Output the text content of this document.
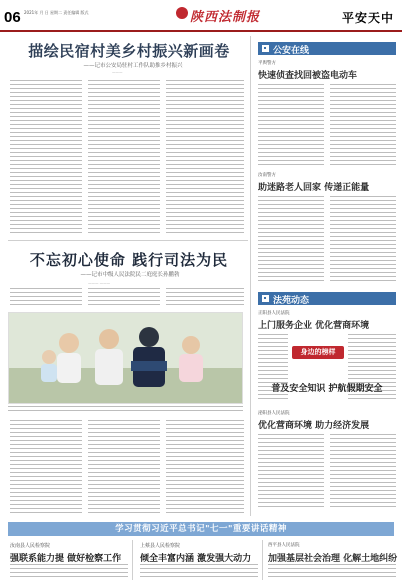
06 2021年 月 日 星期二 责任编辑 版式	陕西法制报	平安天中
描绘民宿村美乡村振兴新画卷
——记市公安局驻村工作队助推乡村振兴
———
不忘初心使命 践行司法为民
——记市中级人民法院民二庭庭长孙鹏勃
——— ———
公安在线
平舆警方
快速侦查找回被盗电动车
汝南警方
助迷路老人回家 传递正能量
法苑动态
正阳县人民法院
上门服务企业 优化营商环境
身边的榜样
普及安全知识 护航假期安全
泌阳县人民法院
优化营商环境 助力经济发展
学习贯彻习近平总书记"七一"重要讲话精神
汝南县人民检察院
强联系能力提 做好检察工作
上蔡县人民检察院
倾全丰富内涵 激发强大动力
西平县人民法院
加强基层社会治理 化解土地纠纷
